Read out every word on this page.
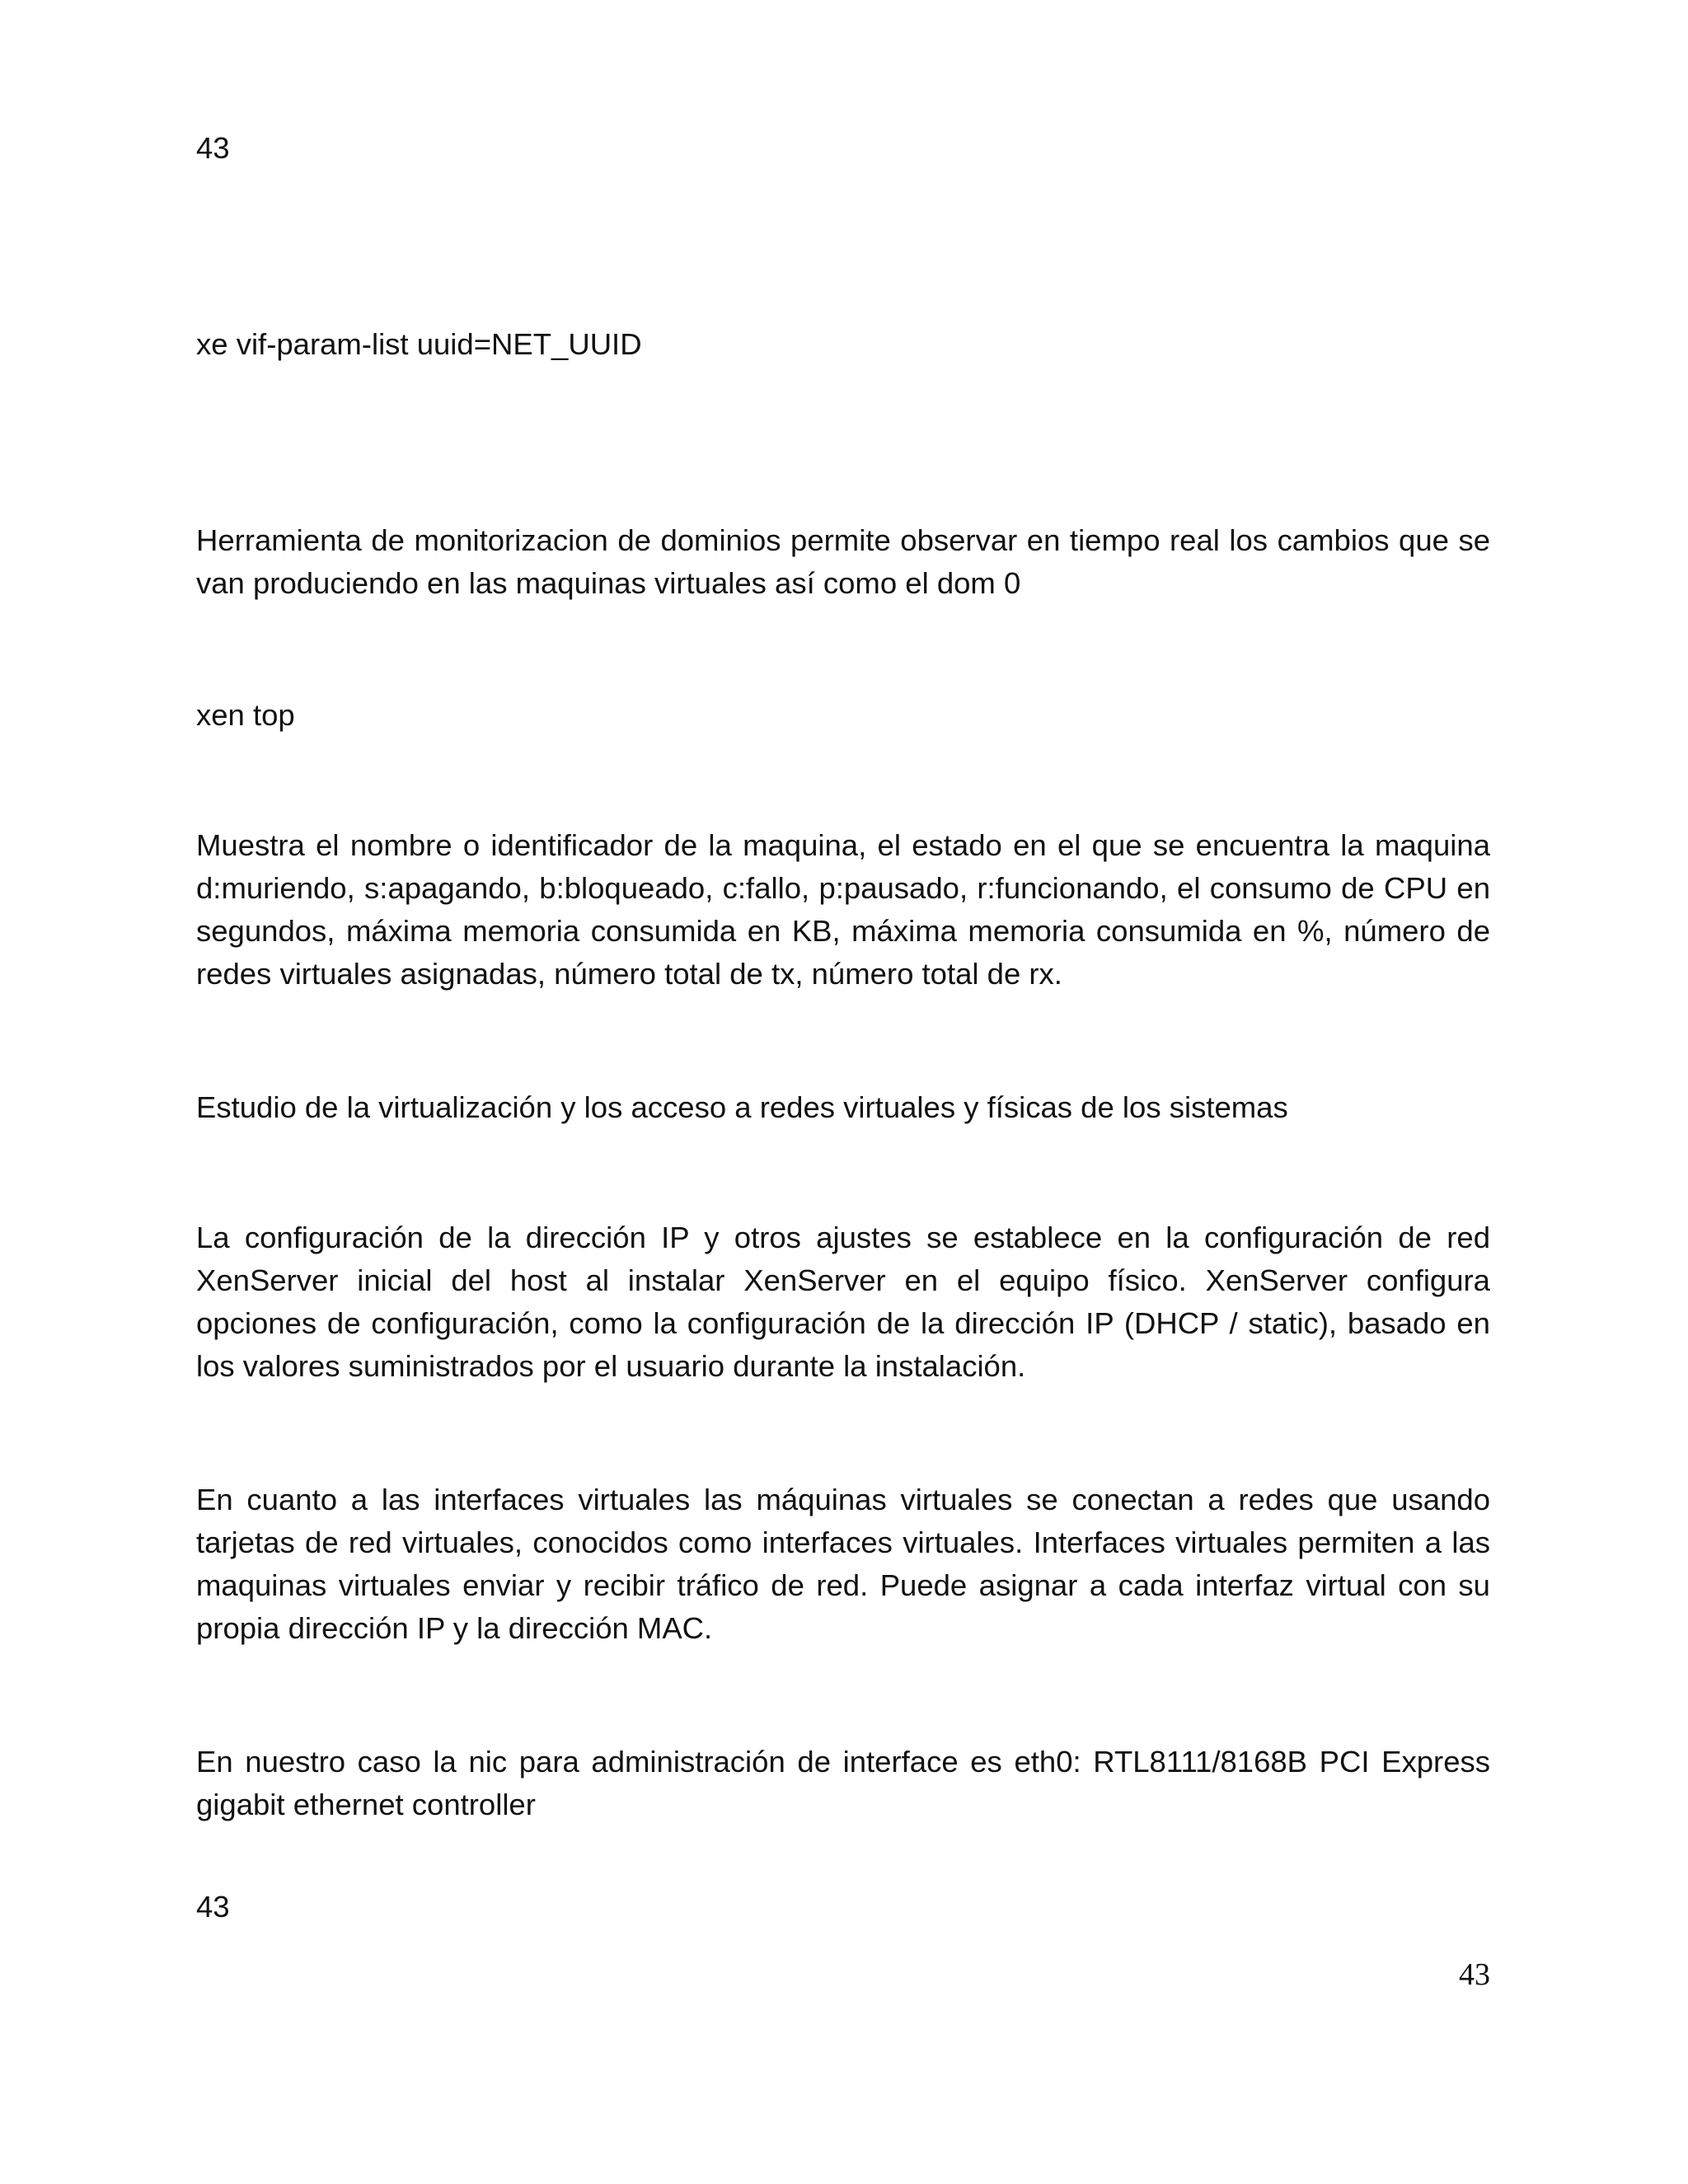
43

xe vif-param-list uuid=NET_UUID

Herramienta de monitorizacion de dominios permite observar en tiempo real los cambios que se van produciendo en las maquinas virtuales así como el dom 0

xen top

Muestra el nombre o identificador de la maquina, el estado en el que se encuentra la maquina d:muriendo, s:apagando, b:bloqueado, c:fallo, p:pausado, r:funcionando, el consumo de CPU en segundos, máxima memoria consumida en KB, máxima memoria consumida en %, número de redes virtuales asignadas, número total de tx, número total de rx.

Estudio de la virtualización y los acceso a redes virtuales y físicas de los sistemas

La configuración de la dirección IP y otros ajustes se establece en la configuración de red XenServer inicial del host al instalar XenServer en el equipo físico. XenServer configura opciones de configuración, como la configuración de la dirección IP (DHCP / static), basado en los valores suministrados por el usuario durante la instalación.

En cuanto a las interfaces virtuales las máquinas virtuales se conectan a redes que usando tarjetas de red virtuales, conocidos como interfaces virtuales. Interfaces virtuales permiten a las maquinas virtuales enviar y recibir tráfico de red. Puede asignar a cada interfaz virtual con su propia dirección IP y la dirección MAC.

En nuestro caso la nic para administración de interface es eth0: RTL8111/8168B PCI Express gigabit ethernet controller

43

43
